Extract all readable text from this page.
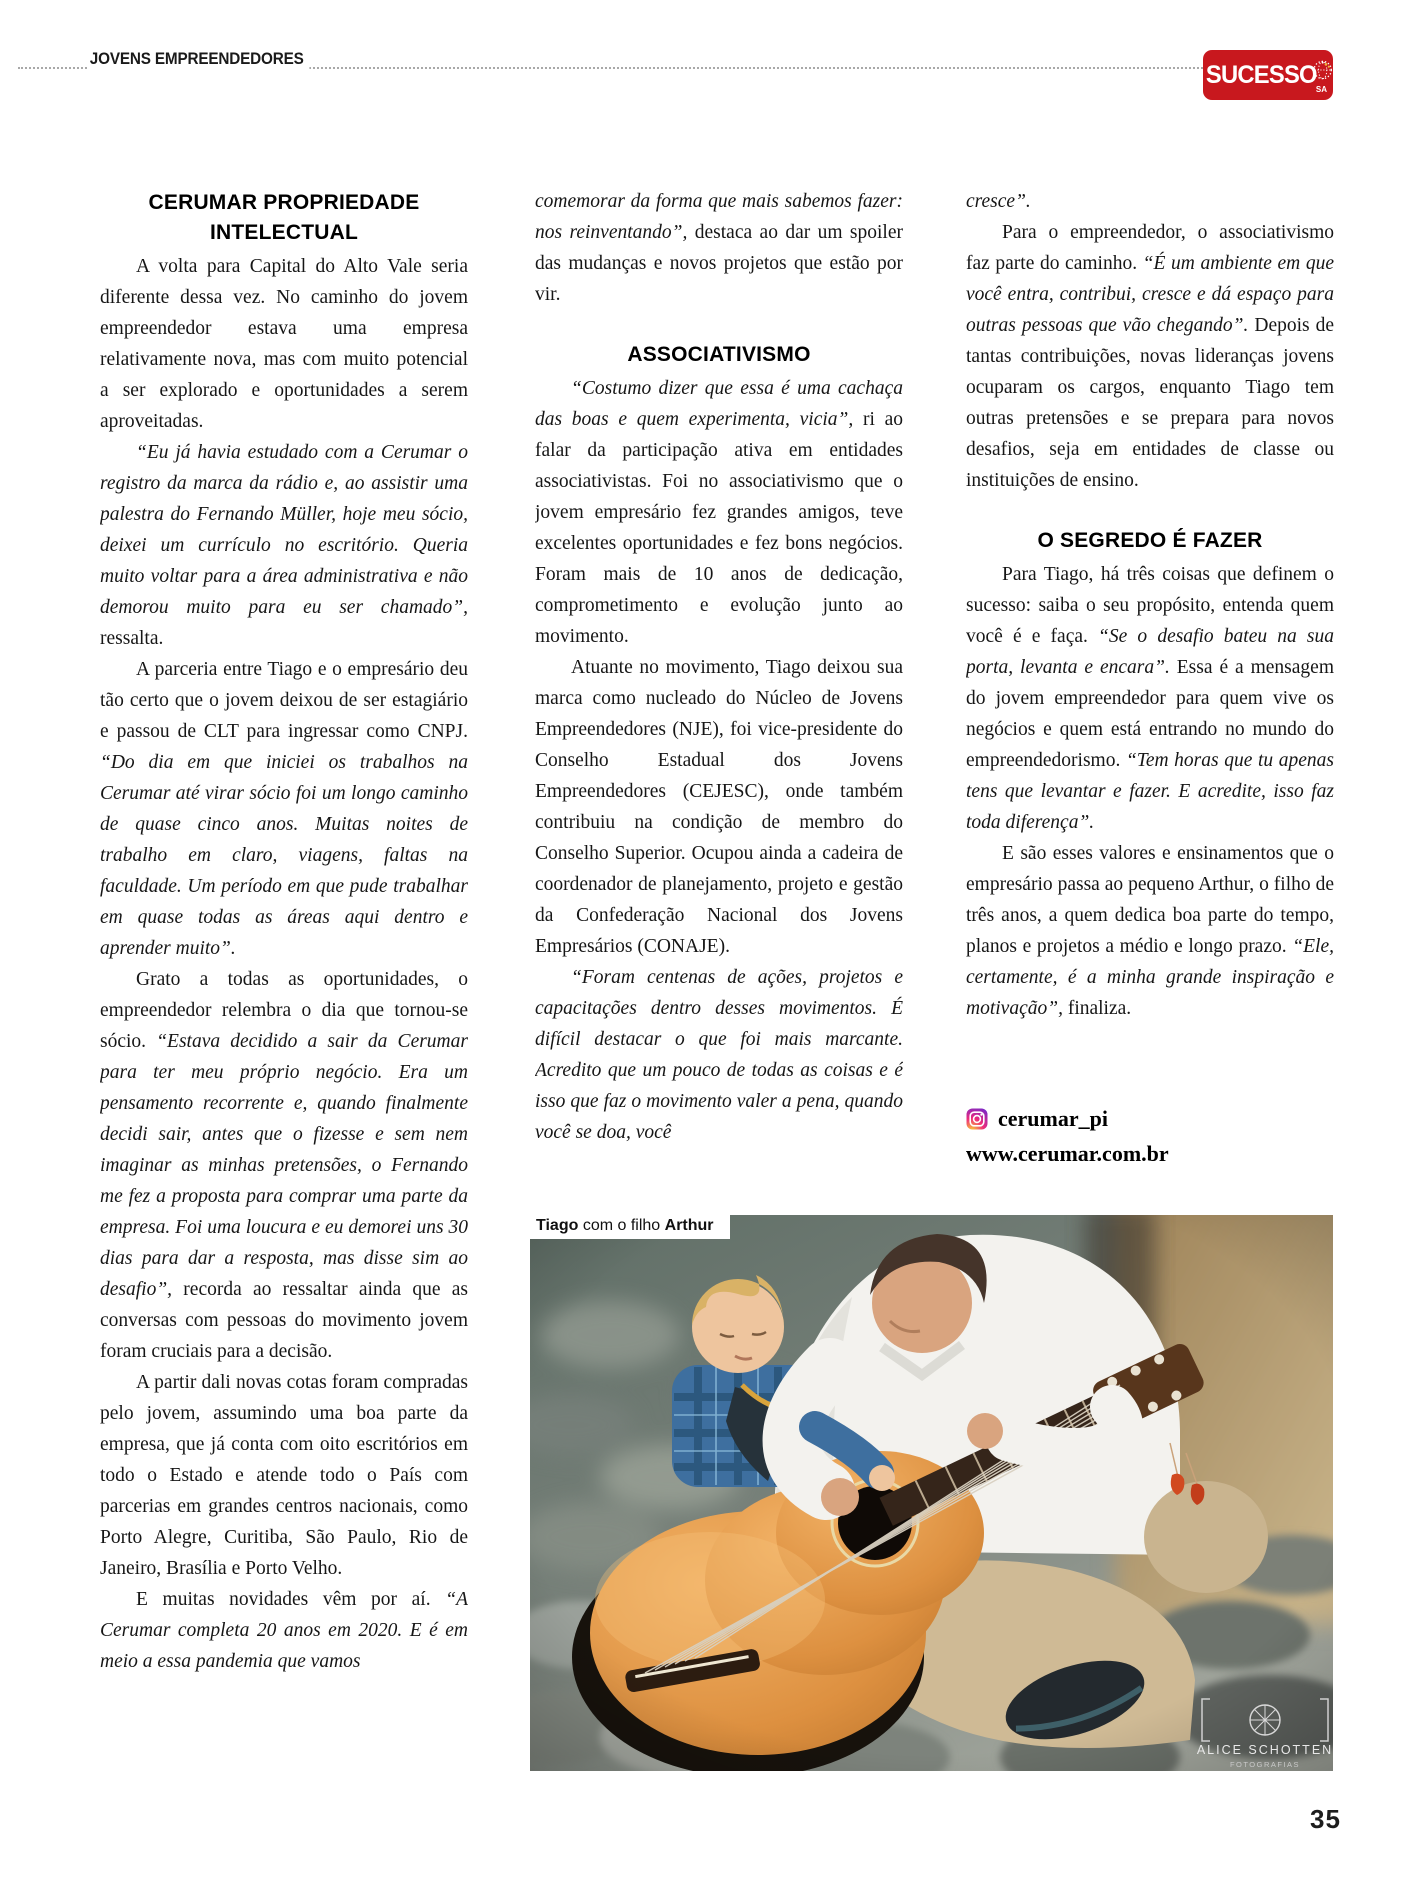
JOVENS EMPREENDEDORES
SUCESSO
SA
CERUMAR PROPRIEDADE INTELECTUAL

A volta para Capital do Alto Vale seria diferente dessa vez. No caminho do jovem empreendedor estava uma empresa relativamente nova, mas com muito potencial a ser explorado e oportunidades a serem aproveitadas.

“Eu já havia estudado com a Cerumar o registro da marca da rádio e, ao assistir uma palestra do Fernando Müller, hoje meu sócio, deixei um currículo no escritório. Queria muito voltar para a área administrativa e não demorou muito para eu ser chamado”, ressalta.

A parceria entre Tiago e o empresário deu tão certo que o jovem deixou de ser estagiário e passou de CLT para ingressar como CNPJ. “Do dia em que iniciei os trabalhos na Cerumar até virar sócio foi um longo caminho de quase cinco anos. Muitas noites de trabalho em claro, viagens, faltas na faculdade. Um período em que pude trabalhar em quase todas as áreas aqui dentro e aprender muito”.

Grato a todas as oportunidades, o empreendedor relembra o dia que tornou-se sócio. “Estava decidido a sair da Cerumar para ter meu próprio negócio. Era um pensamento recorrente e, quando finalmente decidi sair, antes que o fizesse e sem nem imaginar as minhas pretensões, o Fernando me fez a proposta para comprar uma parte da empresa. Foi uma loucura e eu demorei uns 30 dias para dar a resposta, mas disse sim ao desafio”, recorda ao ressaltar ainda que as conversas com pessoas do movimento jovem foram cruciais para a decisão.

A partir dali novas cotas foram compradas pelo jovem, assumindo uma boa parte da empresa, que já conta com oito escritórios em todo o Estado e atende todo o País com parcerias em grandes centros nacionais, como Porto Alegre, Curitiba, São Paulo, Rio de Janeiro, Brasília e Porto Velho.

E muitas novidades vêm por aí. “A Cerumar completa 20 anos em 2020. E é em meio a essa pandemia que vamos

comemorar da forma que mais sabemos fazer: nos reinventando”, destaca ao dar um spoiler das mudanças e novos projetos que estão por vir.

ASSOCIATIVISMO

“Costumo dizer que essa é uma cachaça das boas e quem experimenta, vicia”, ri ao falar da participação ativa em entidades associativistas. Foi no associativismo que o jovem empresário fez grandes amigos, teve excelentes oportunidades e fez bons negócios. Foram mais de 10 anos de dedicação, comprometimento e evolução junto ao movimento.

Atuante no movimento, Tiago deixou sua marca como nucleado do Núcleo de Jovens Empreendedores (NJE), foi vice-presidente do Conselho Estadual dos Jovens Empreendedores (CEJESC), onde também contribuiu na condição de membro do Conselho Superior. Ocupou ainda a cadeira de coordenador de planejamento, projeto e gestão da Confederação Nacional dos Jovens Empresários (CONAJE).

“Foram centenas de ações, projetos e capacitações dentro desses movimentos. É difícil destacar o que foi mais marcante. Acredito que um pouco de todas as coisas e é isso que faz o movimento valer a pena, quando você se doa, você

cresce”.

Para o empreendedor, o associativismo faz parte do caminho. “É um ambiente em que você entra, contribui, cresce e dá espaço para outras pessoas que vão chegando”. Depois de tantas contribuições, novas lideranças jovens ocuparam os cargos, enquanto Tiago tem outras pretensões e se prepara para novos desafios, seja em entidades de classe ou instituições de ensino.

O SEGREDO É FAZER

Para Tiago, há três coisas que definem o sucesso: saiba o seu propósito, entenda quem você é e faça. “Se o desafio bateu na sua porta, levanta e encara”. Essa é a mensagem do jovem empreendedor para quem vive os negócios e quem está entrando no mundo do empreendedorismo. “Tem horas que tu apenas tens que levantar e fazer. E acredite, isso faz toda diferença”.

E são esses valores e ensinamentos que o empresário passa ao pequeno Arthur, o filho de três anos, a quem dedica boa parte do tempo, planos e projetos a médio e longo prazo. “Ele, certamente, é a minha grande inspiração e motivação”, finaliza.

cerumar_pi
www.cerumar.com.br
ALICE SCHOTTEN
FOTOGRAFIAS
Tiago com o filho Arthur
35
